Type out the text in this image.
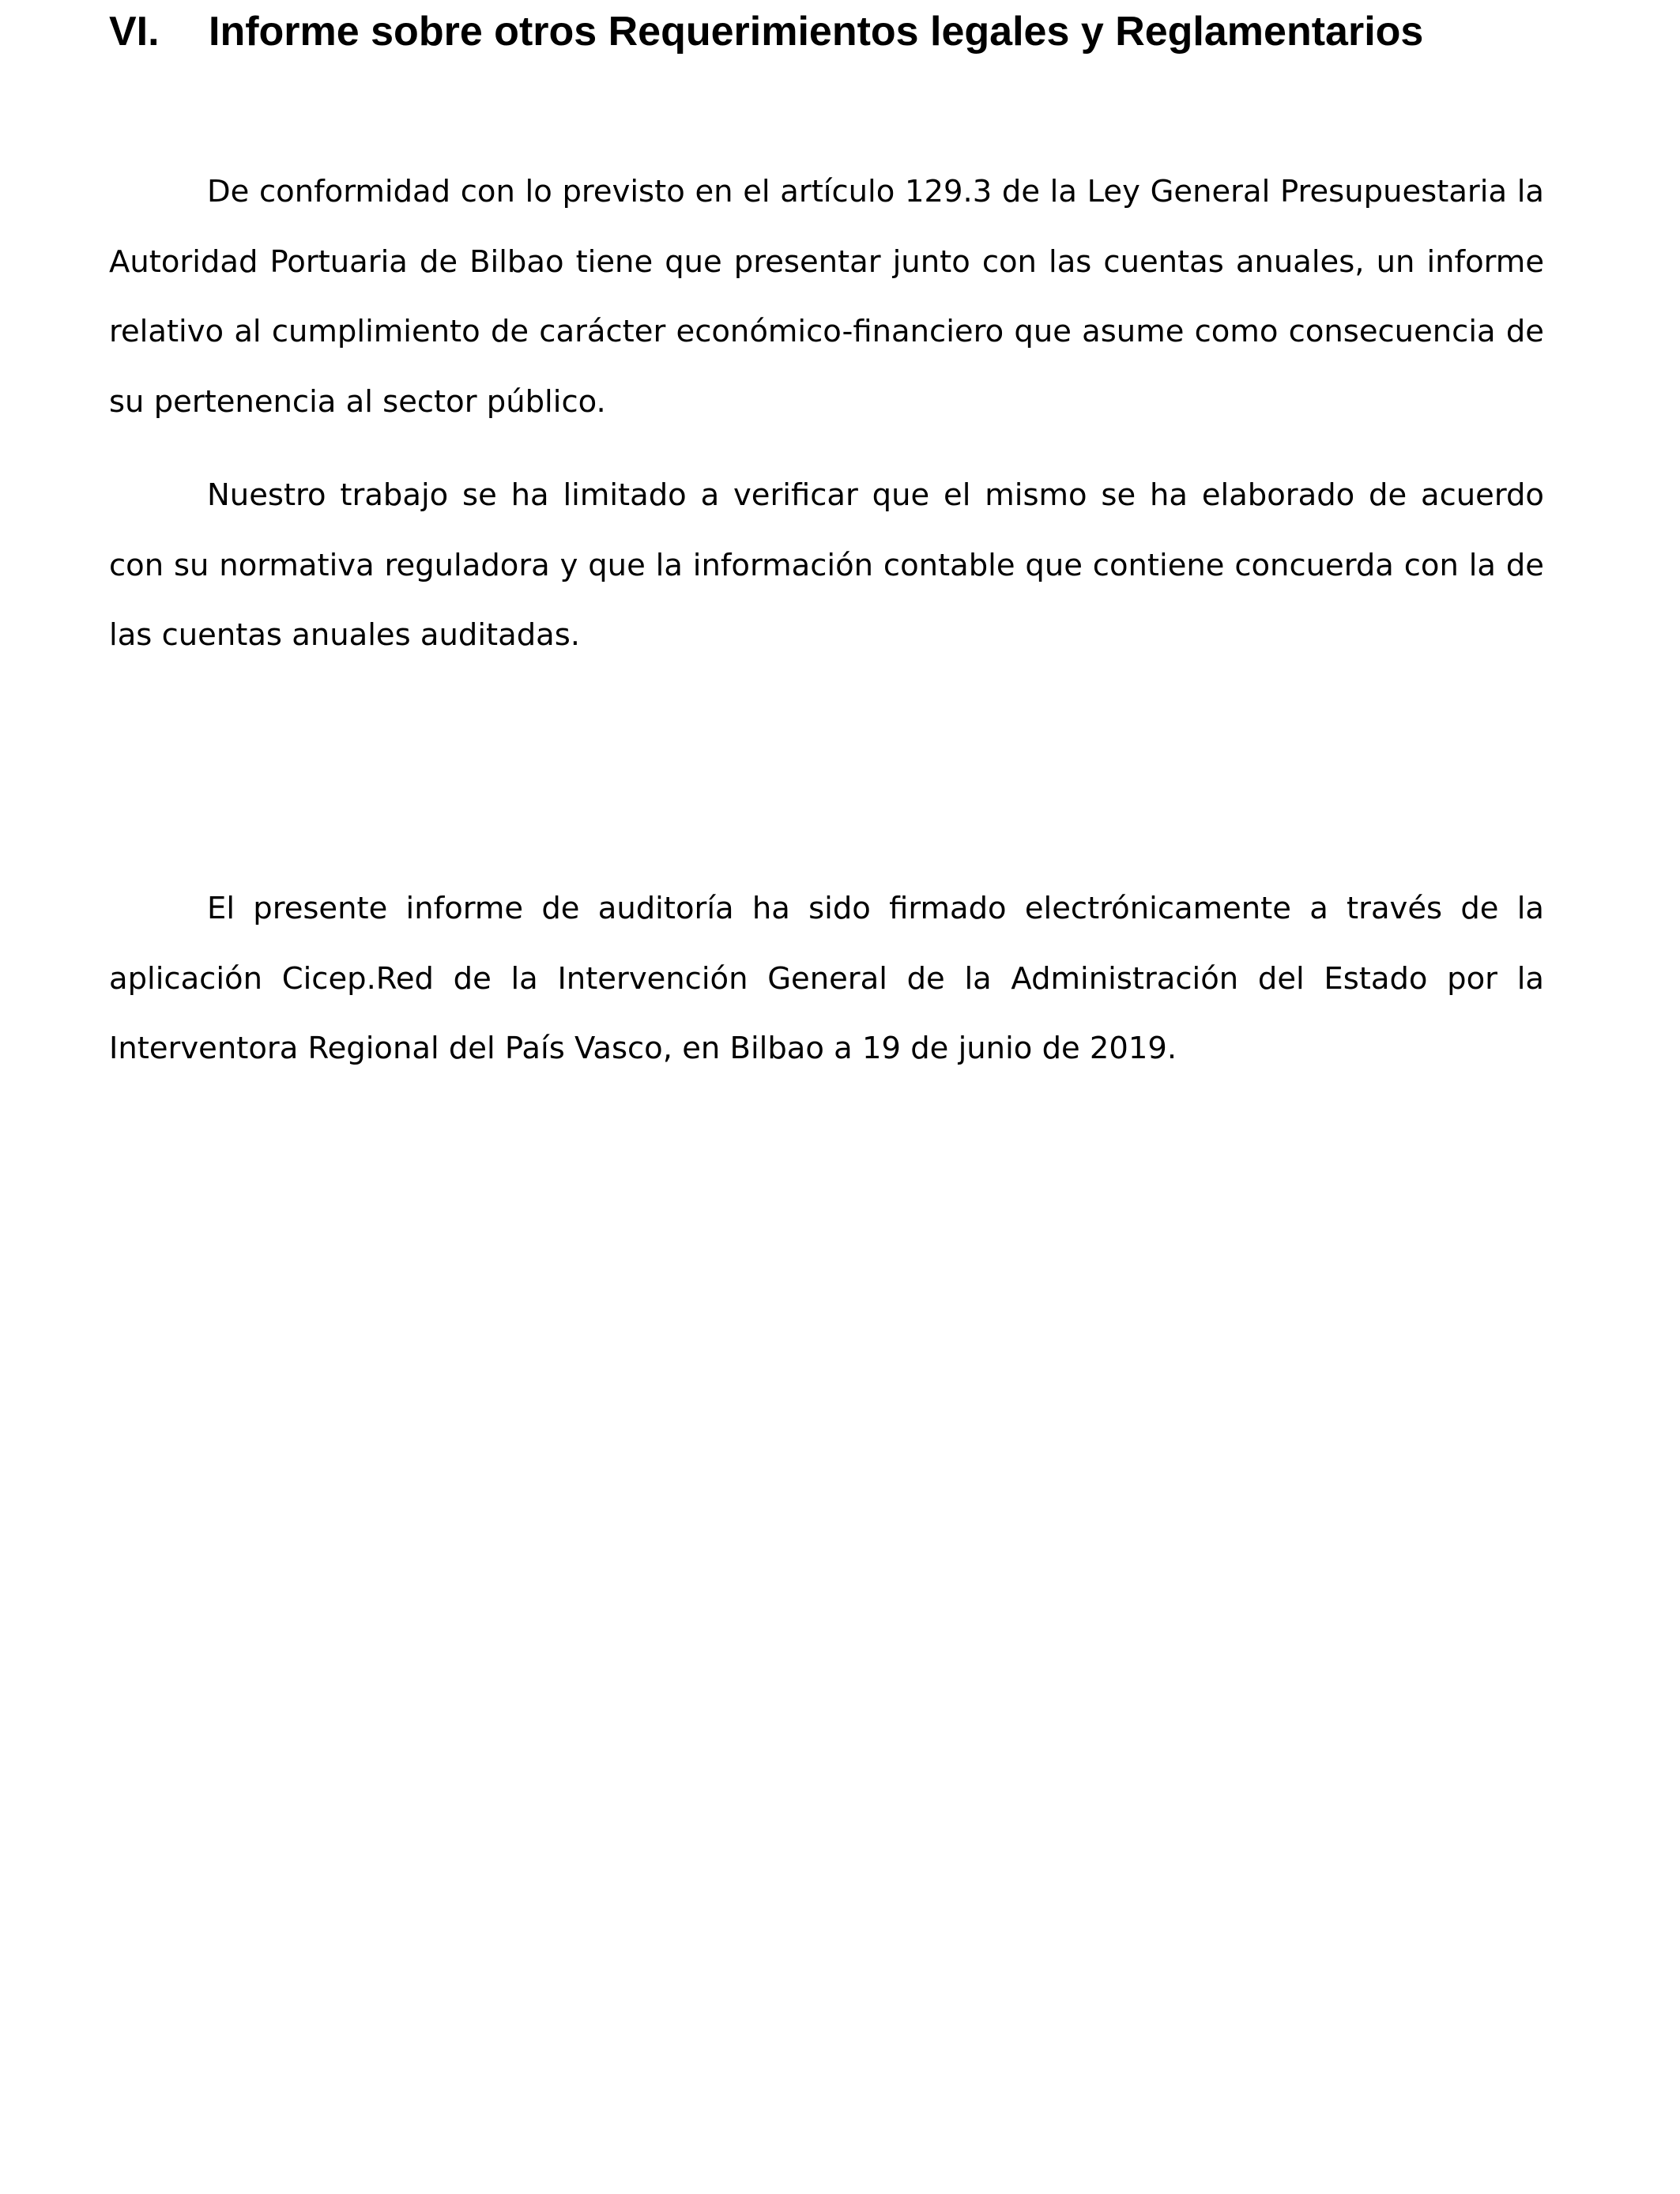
VI. Informe sobre otros Requerimientos legales y Reglamentarios

De conformidad con lo previsto en el artículo 129.3 de la Ley General Presupuestaria la Autoridad Portuaria de Bilbao tiene que presentar junto con las cuentas anuales, un informe relativo al cumplimiento de carácter económico-financiero que asume como consecuencia de su pertenencia al sector público.

Nuestro trabajo se ha limitado a verificar que el mismo se ha elaborado de acuerdo con su normativa reguladora y que la información contable que contiene concuerda con la de las cuentas anuales auditadas.

El presente informe de auditoría ha sido firmado electrónicamente a través de la aplicación Cicep.Red de la Intervención General de la Administración del Estado por la Interventora Regional del País Vasco, en Bilbao a 19 de junio de 2019.
